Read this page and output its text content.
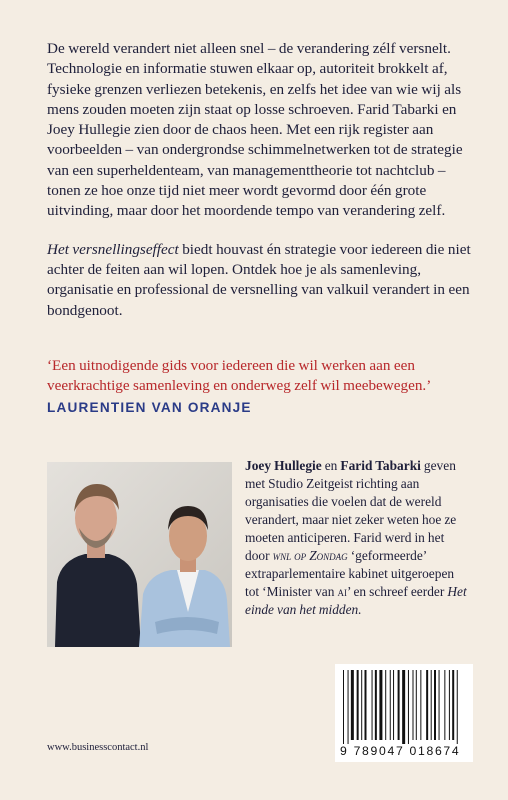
De wereld verandert niet alleen snel – de verandering zélf versnelt. Technologie en informatie stuwen elkaar op, autoriteit brokkelt af, fysieke grenzen verliezen betekenis, en zelfs het idee van wie wij als mens zouden moeten zijn staat op losse schroeven. Farid Tabarki en Joey Hullegie zien door de chaos heen. Met een rijk register aan voorbeelden – van ondergrondse schimmelnetwerken tot de strategie van een superheldenteam, van managementtheorie tot nachtclub – tonen ze hoe onze tijd niet meer wordt gevormd door één grote uitvinding, maar door het moordende tempo van verandering zelf.

Het versnellingseffect biedt houvast én strategie voor iedereen die niet achter de feiten aan wil lopen. Ontdek hoe je als samenleving, organisatie en professional de versnelling van valkuil verandert in een bondgenoot.

‘Een uitnodigende gids voor iedereen die wil werken aan een veerkrachtige samenleving en onderweg zelf wil meebewegen.’

LAURENTIEN VAN ORANJE

Joey Hullegie en Farid Tabarki geven met Studio Zeitgeist richting aan organisaties die voelen dat de wereld verandert, maar niet zeker weten hoe ze moeten anticiperen. Farid werd in het door wnl op Zondag ‘geformeerde’ extraparlementaire kabinet uitgeroepen tot ‘Minister van ai’ en schreef eerder Het einde van het midden.

www.businesscontact.nl	9 789047 018674
